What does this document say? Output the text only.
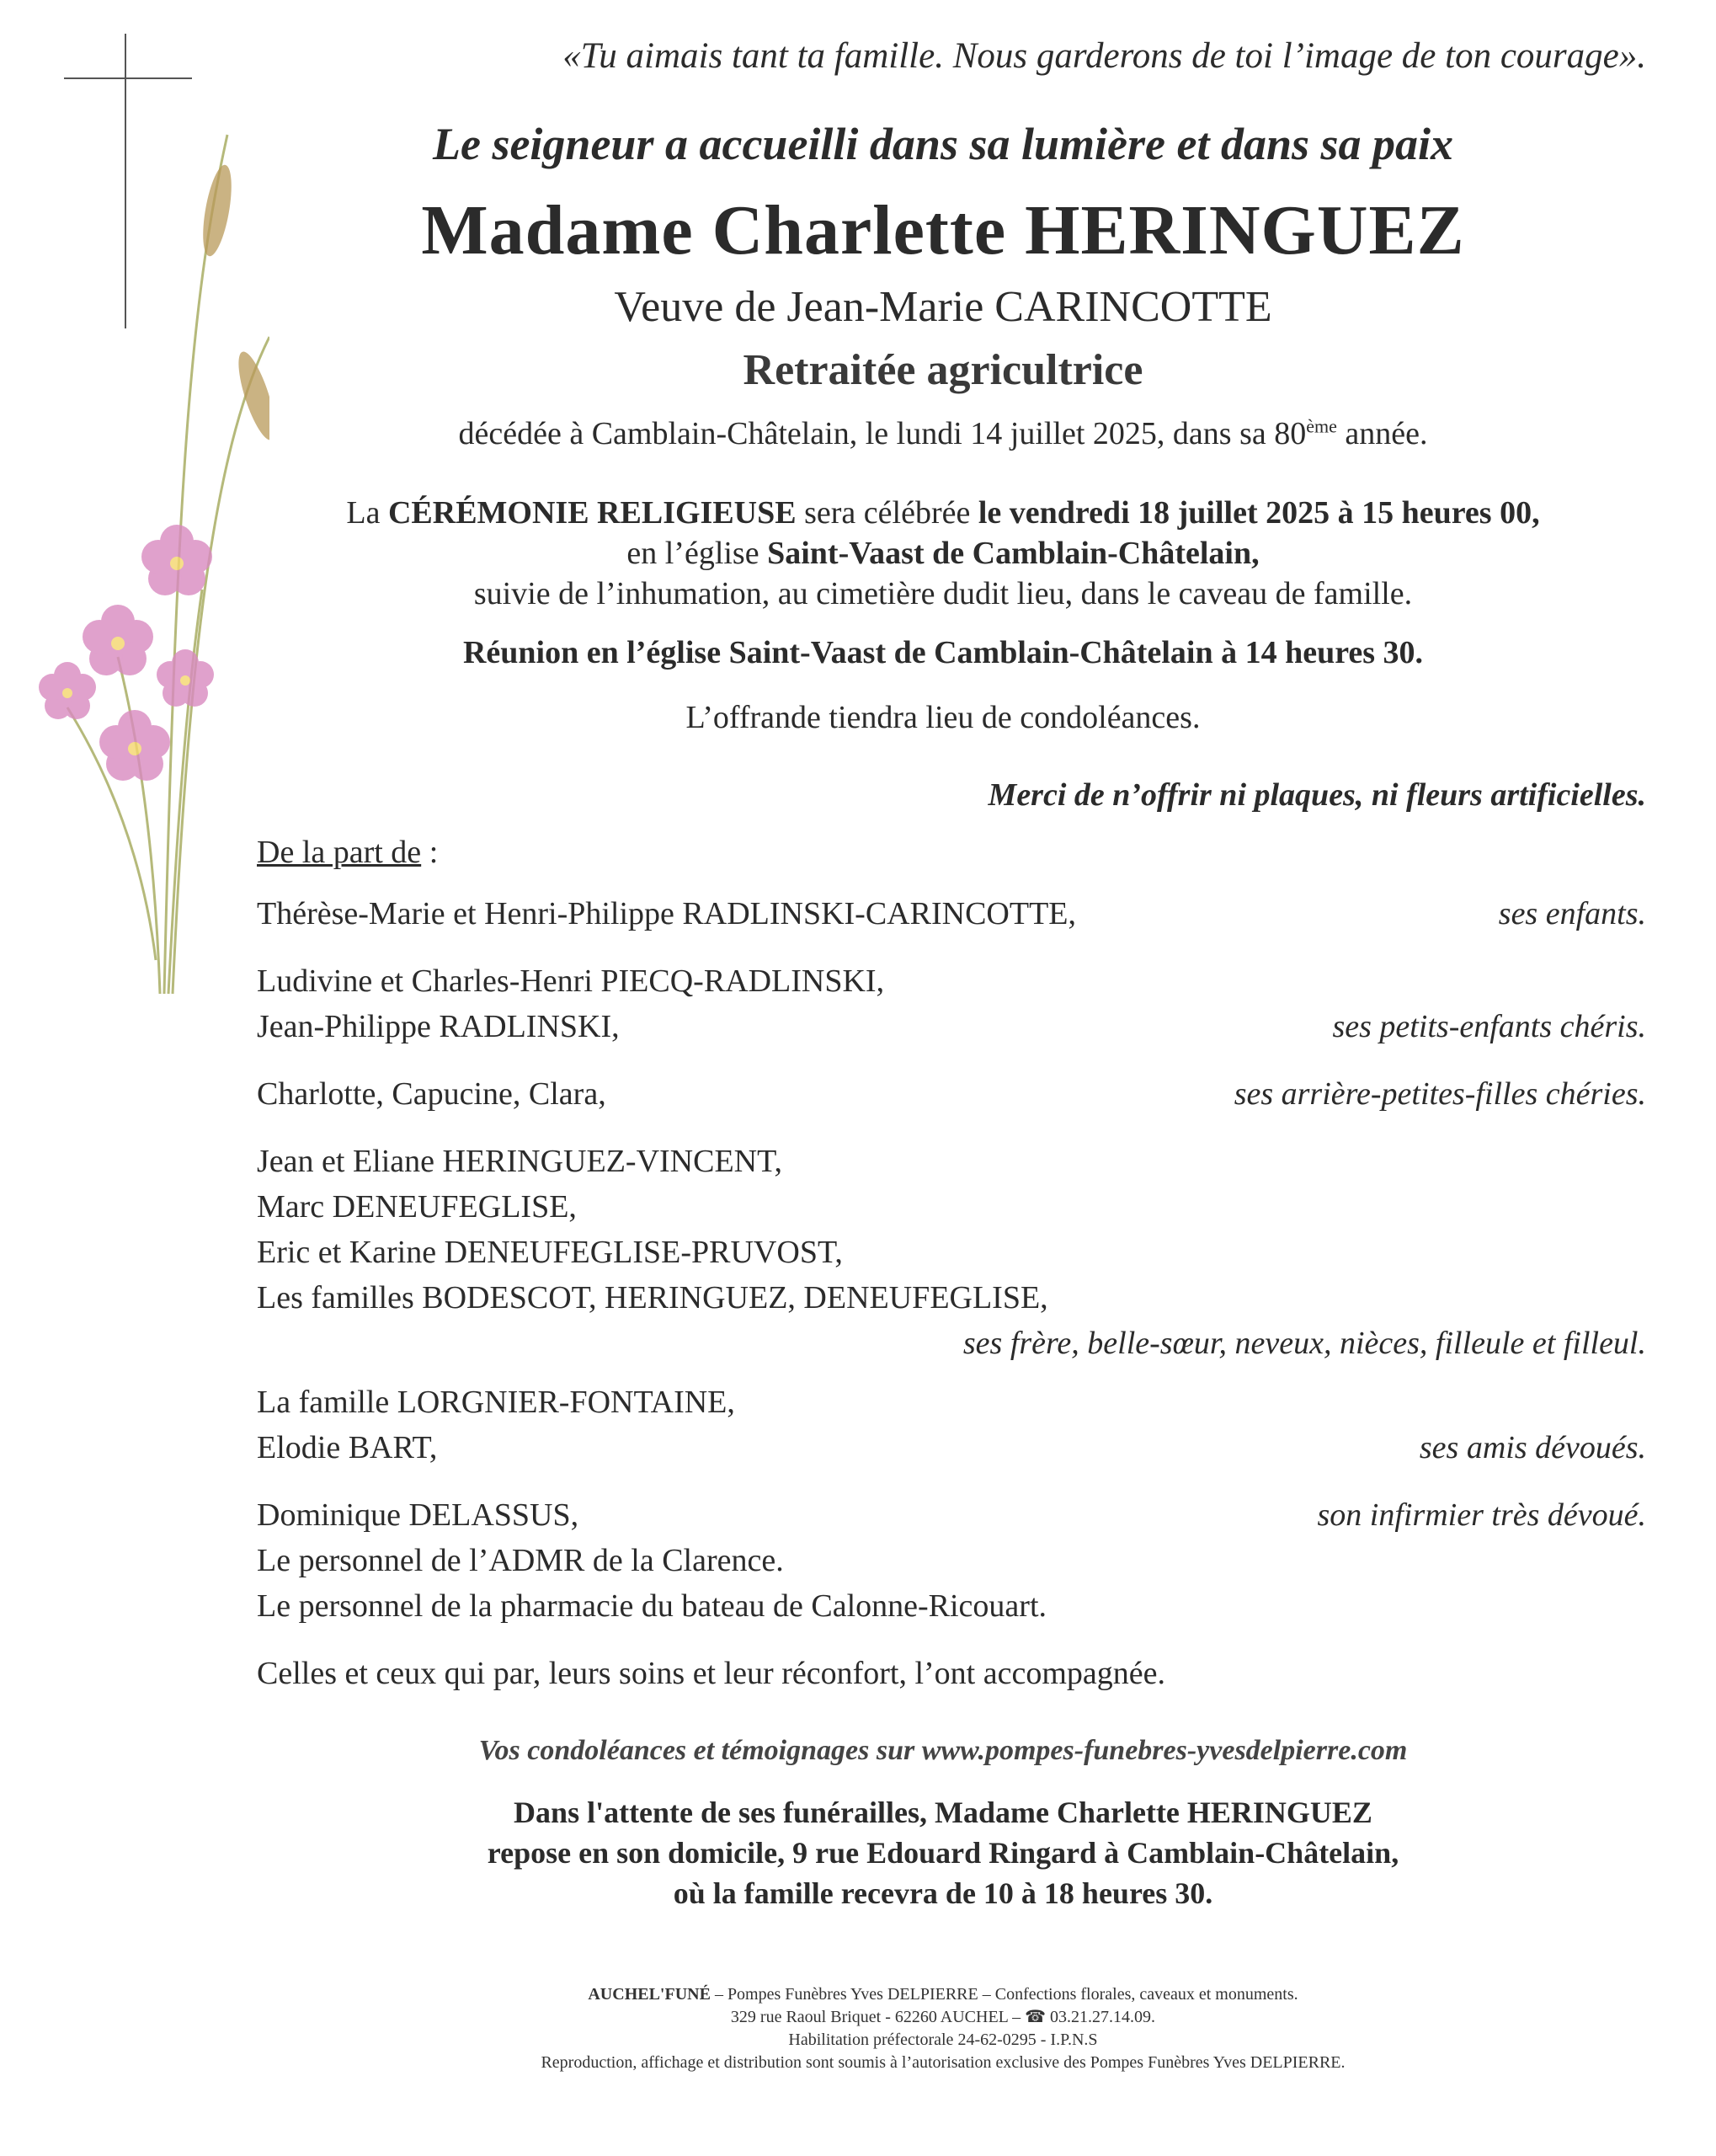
«Tu aimais tant ta famille. Nous garderons de toi l’image de ton courage».
Le seigneur a accueilli dans sa lumière et dans sa paix
Madame Charlette HERINGUEZ
Veuve de Jean-Marie CARINCOTTE
Retraitée agricultrice
décédée à Camblain-Châtelain, le lundi 14 juillet 2025, dans sa 80ème année.
La CÉRÉMONIE RELIGIEUSE sera célébrée le vendredi 18 juillet 2025 à 15 heures 00,
en l’église Saint-Vaast de Camblain-Châtelain,
suivie de l’inhumation, au cimetière dudit lieu, dans le caveau de famille.
Réunion en l’église Saint-Vaast de Camblain-Châtelain à 14 heures 30.
L’offrande tiendra lieu de condoléances.
Merci de n’offrir ni plaques, ni fleurs artificielles.
De la part de :
Thérèse-Marie et Henri-Philippe RADLINSKI-CARINCOTTE,	ses enfants.
Ludivine et Charles-Henri PIECQ-RADLINSKI,
Jean-Philippe RADLINSKI,	ses petits-enfants chéris.
Charlotte, Capucine, Clara,	ses arrière-petites-filles chéries.
Jean et Eliane HERINGUEZ-VINCENT,
Marc DENEUFEGLISE,
Eric et Karine DENEUFEGLISE-PRUVOST,
Les familles BODESCOT, HERINGUEZ, DENEUFEGLISE,
ses frère, belle-sœur, neveux, nièces, filleule et filleul.
La famille LORGNIER-FONTAINE,
Elodie BART,	ses amis dévoués.
Dominique DELASSUS,	son infirmier très dévoué.
Le personnel de l’ADMR de la Clarence.
Le personnel de la pharmacie du bateau de Calonne-Ricouart.
Celles et ceux qui par, leurs soins et leur réconfort, l’ont accompagnée.
Vos condoléances et témoignages sur www.pompes-funebres-yvesdelpierre.com
Dans l'attente de ses funérailles, Madame Charlette HERINGUEZ
repose en son domicile, 9 rue Edouard Ringard à Camblain-Châtelain,
où la famille recevra de 10 à 18 heures 30.
AUCHEL'FUNÉ – Pompes Funèbres Yves DELPIERRE – Confections florales, caveaux et monuments.
329 rue Raoul Briquet - 62260 AUCHEL – ☎ 03.21.27.14.09.
Habilitation préfectorale 24-62-0295 - I.P.N.S
Reproduction, affichage et distribution sont soumis à l’autorisation exclusive des Pompes Funèbres Yves DELPIERRE.
